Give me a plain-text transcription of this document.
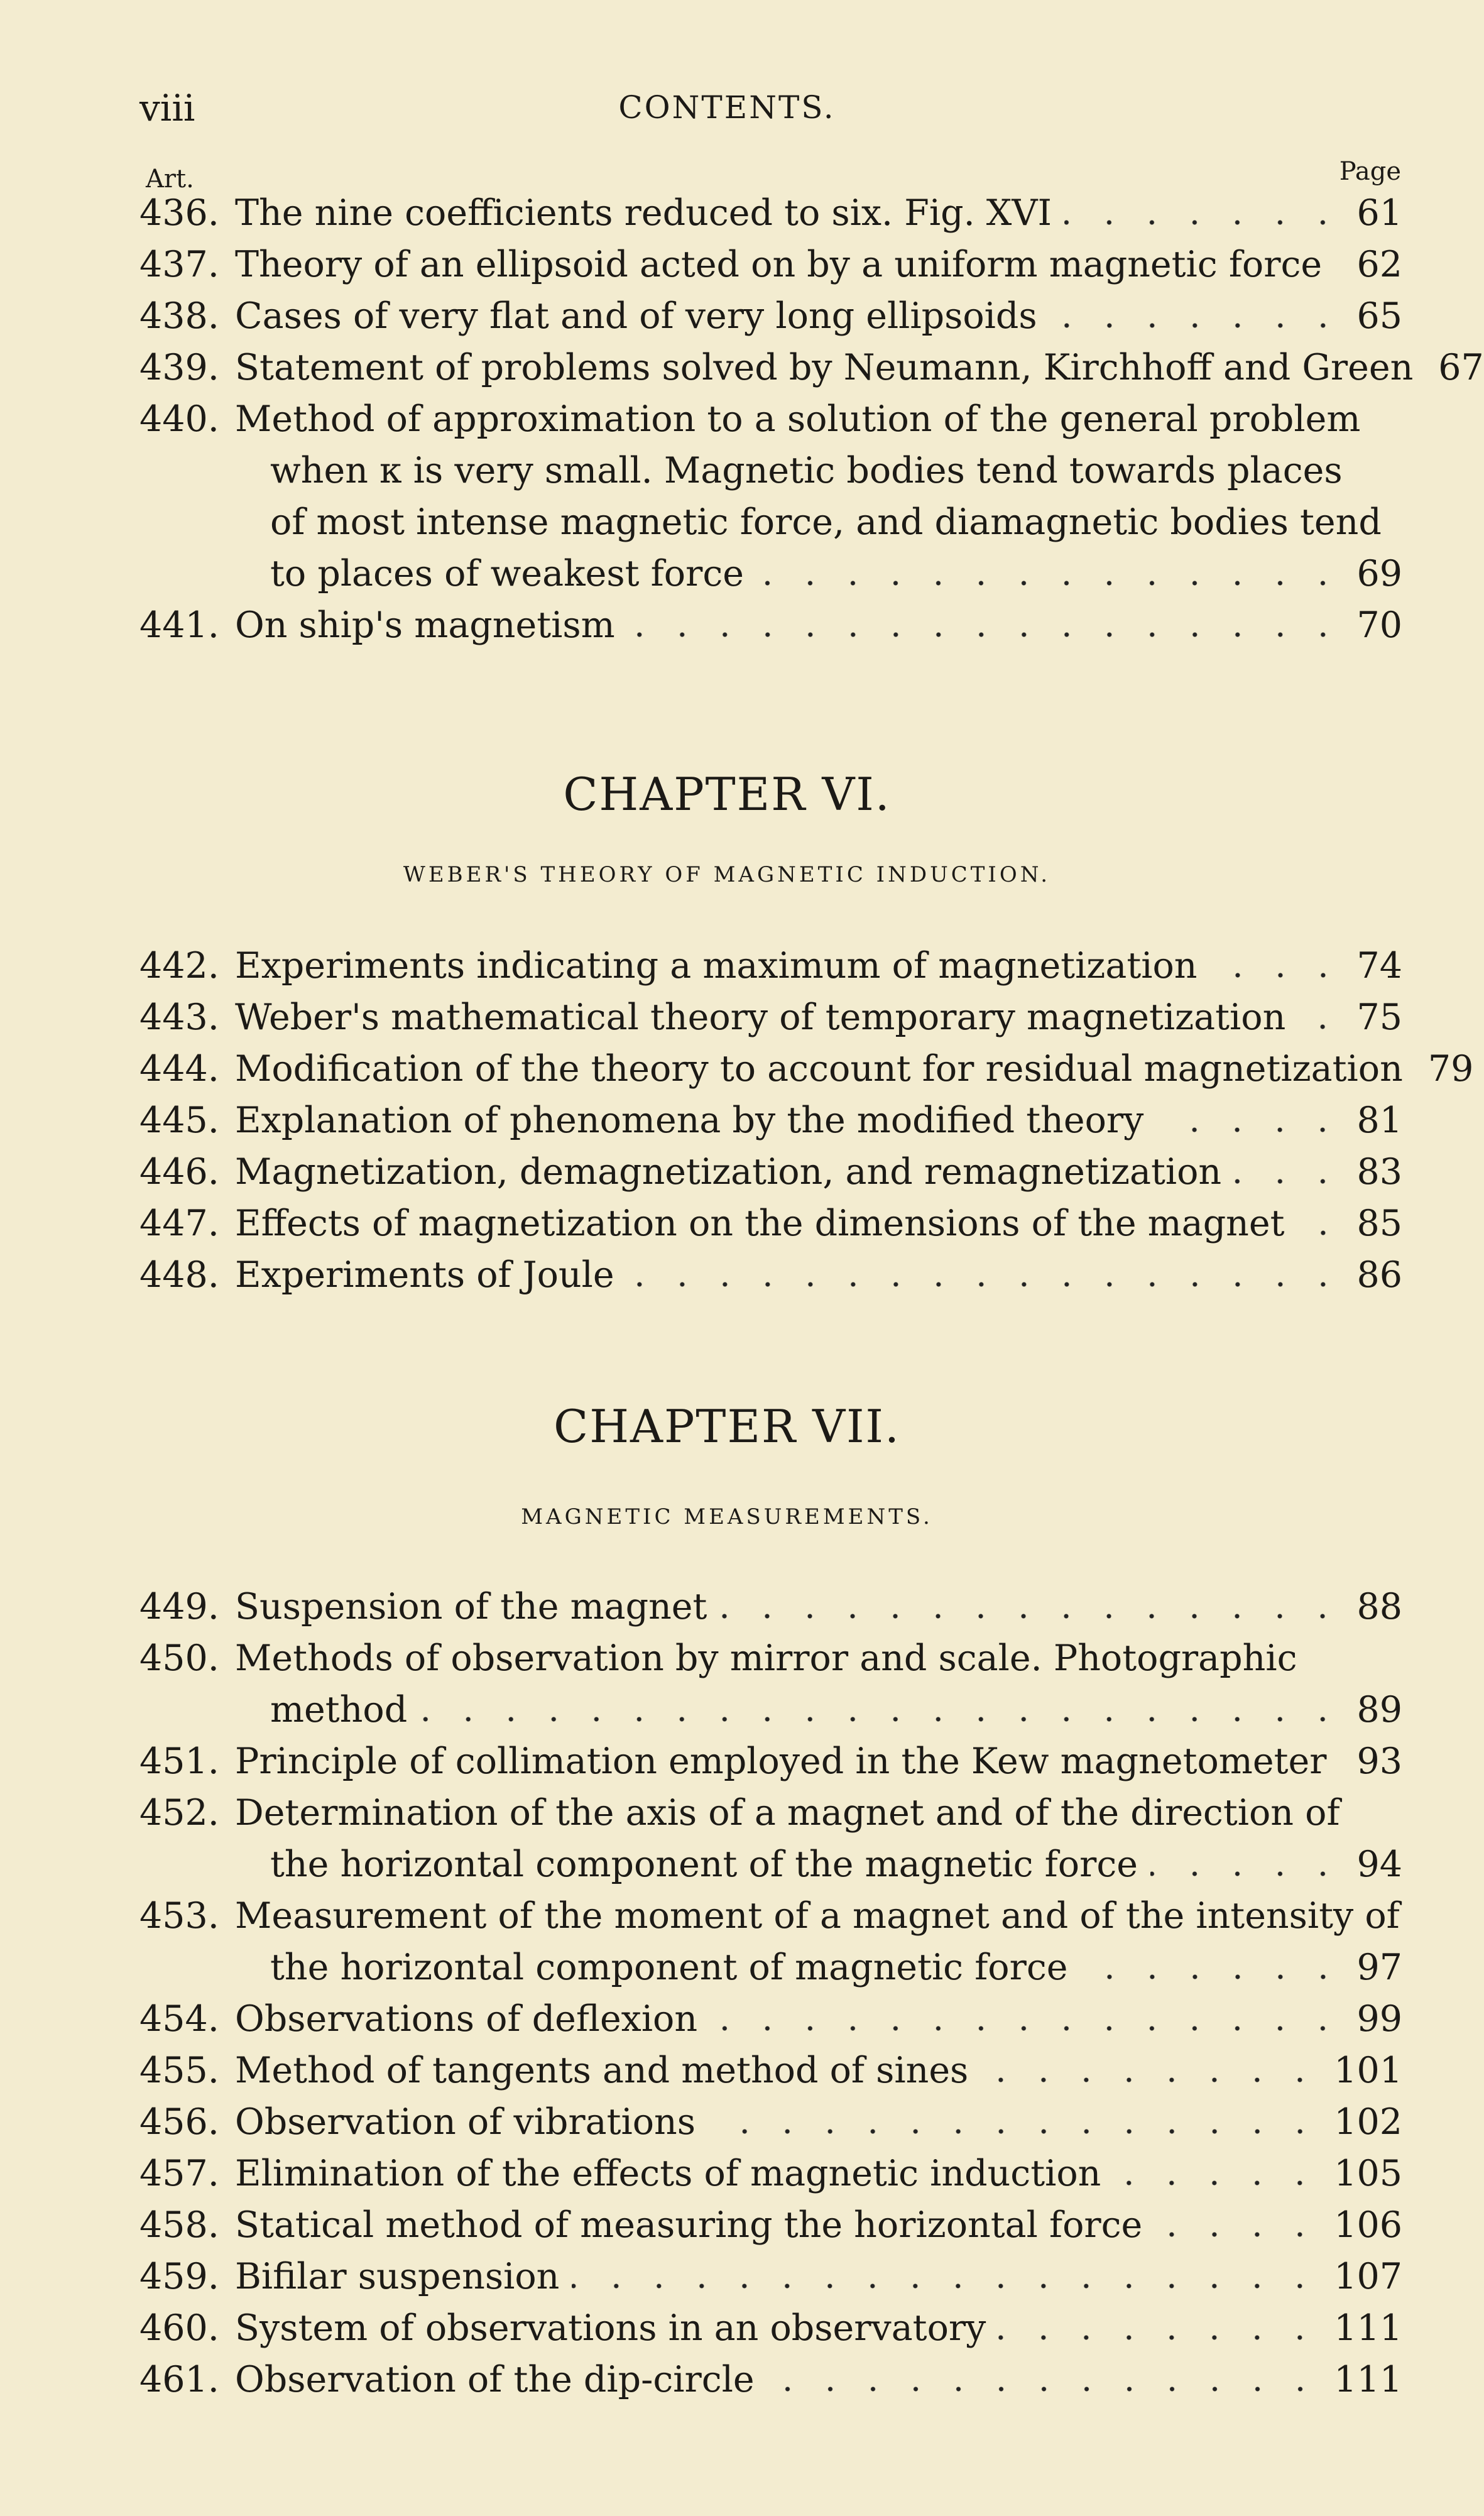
viii	CONTENTS.
Art.	Page
436. The nine coefficients reduced to six. Fig. XVI	61
437. Theory of an ellipsoid acted on by a uniform magnetic force 62
438. Cases of very flat and of very long ellipsoids	65
439. Statement of problems solved by Neumann, Kirchhoff and Green 67
440. Method of approximation to a solution of the general problem
when κ is very small. Magnetic bodies tend towards places
of most intense magnetic force, and diamagnetic bodies tend
to places of weakest force	69
441. On ship's magnetism	70
CHAPTER VI.
WEBER'S THEORY OF MAGNETIC INDUCTION.
442. Experiments indicating a maximum of magnetization	74
443. Weber's mathematical theory of temporary magnetization 75
444. Modification of the theory to account for residual magnetization 79
445. Explanation of phenomena by the modified theory	81
446. Magnetization, demagnetization, and remagnetization	83
447. Effects of magnetization on the dimensions of the magnet 85
448. Experiments of Joule	86
CHAPTER VII.
MAGNETIC MEASUREMENTS.
449. Suspension of the magnet	88
450. Methods of observation by mirror and scale. Photographic
method	89
451. Principle of collimation employed in the Kew magnetometer 93
452. Determination of the axis of a magnet and of the direction of
the horizontal component of the magnetic force	94
453. Measurement of the moment of a magnet and of the intensity of
the horizontal component of magnetic force	97
454. Observations of deflexion	99
455. Method of tangents and method of sines	101
456. Observation of vibrations	102
457. Elimination of the effects of magnetic induction	105
458. Statical method of measuring the horizontal force	106
459. Bifilar suspension	107
460. System of observations in an observatory	111
461. Observation of the dip-circle	111
